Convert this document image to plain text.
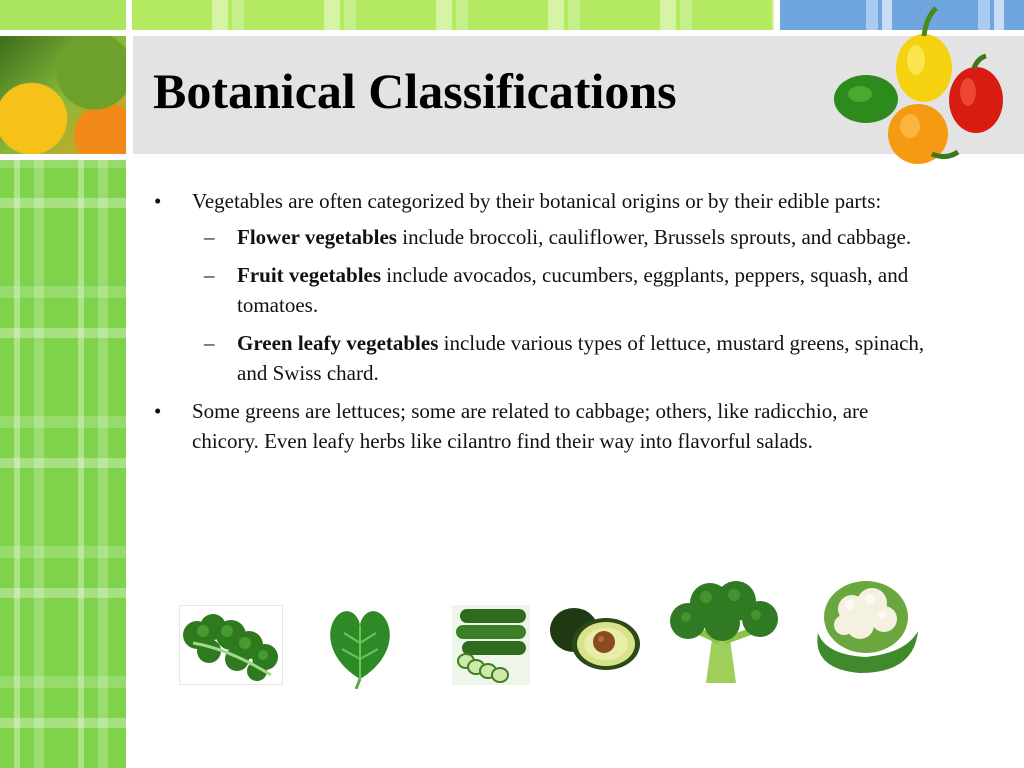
Botanical Classifications
• Vegetables are often categorized by their botanical origins or by their edible parts:
– Flower vegetables include broccoli, cauliflower, Brussels sprouts, and cabbage.
– Fruit vegetables include avocados, cucumbers, eggplants, peppers, squash, and tomatoes.
– Green leafy vegetables include various types of lettuce, mustard greens, spinach, and Swiss chard.
• Some greens are lettuces; some are related to cabbage; others, like radicchio, are chicory. Even leafy herbs like cilantro find their way into flavorful salads.
